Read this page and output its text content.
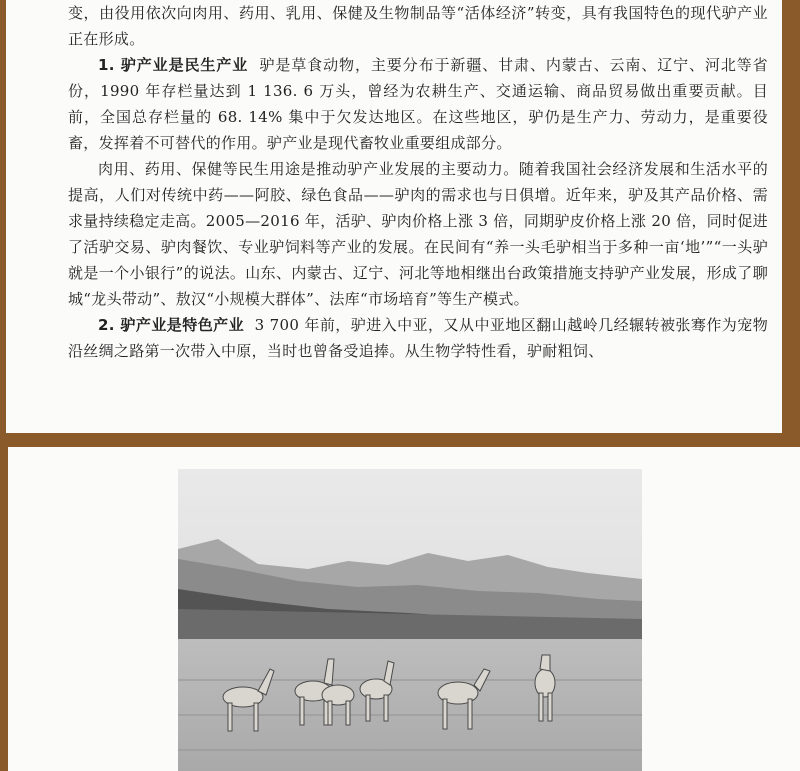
变，由役用依次向肉用、药用、乳用、保健及生物制品等“活体经济”转变，具有我国特色的现代驴产业正在形成。

1. 驴产业是民生产业 驴是草食动物，主要分布于新疆、甘肃、内蒙古、云南、辽宁、河北等省份，1990 年存栏量达到 1 136. 6 万头，曾经为农耕生产、交通运输、商品贸易做出重要贡献。目前，全国总存栏量的 68. 14% 集中于欠发达地区。在这些地区，驴仍是生产力、劳动力，是重要役畜，发挥着不可替代的作用。驴产业是现代畜牧业重要组成部分。

肉用、药用、保健等民生用途是推动驴产业发展的主要动力。随着我国社会经济发展和生活水平的提高，人们对传统中药——阿胶、绿色食品——驴肉的需求也与日俱增。近年来，驴及其产品价格、需求量持续稳定走高。2005—2016 年，活驴、驴肉价格上涨 3 倍，同期驴皮价格上涨 20 倍，同时促进了活驴交易、驴肉餐饮、专业驴饲料等产业的发展。在民间有“养一头毛驴相当于多种一亩‘地’”“一头驴就是一个小银行”的说法。山东、内蒙古、辽宁、河北等地相继出台政策措施支持驴产业发展，形成了聊城“龙头带动”、敖汉“小规模大群体”、法库“市场培育”等生产模式。

2. 驴产业是特色产业 3 700 年前，驴进入中亚，又从中亚地区翻山越岭几经辗转被张骞作为宠物沿丝绸之路第一次带入中原，当时也曾备受追捧。从生物学特性看，驴耐粗饲、
